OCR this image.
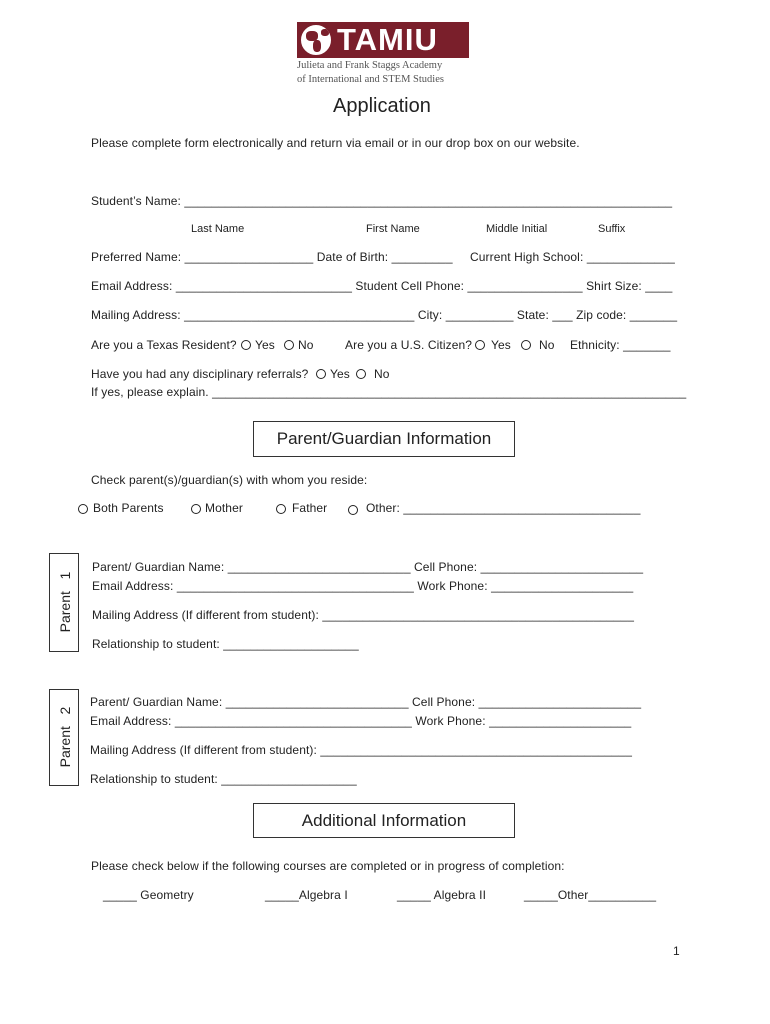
TAMIU
Julieta and Frank Staggs Academy
of International and STEM Studies
Application
Please complete form electronically and return via email or in our drop box on our website.
Student’s Name: ________________________________________________________________________
Last Name	First Name	Middle Initial	Suffix
Preferred Name: ___________________ Date of Birth: _________ Current High School: _____________
Email Address: __________________________ Student Cell Phone: _________________ Shirt Size: ____
Mailing Address: __________________________________ City: __________ State: ___ Zip code: _______
Are you a Texas Resident? Yes No	Are you a U.S. Citizen? Yes No Ethnicity: _______
Have you had any disciplinary referrals? Yes No
If yes, please explain. ______________________________________________________________________
Parent/Guardian Information
Check parent(s)/guardian(s) with whom you reside:
Both Parents	Mother	Father	Other: ___________________________________
Parent   1
Parent/ Guardian Name: ___________________________ Cell Phone: ________________________
Email Address: ___________________________________ Work Phone: _____________________
Mailing Address (If different from student): ______________________________________________
Relationship to student: ____________________
Parent   2
Parent/ Guardian Name: ___________________________ Cell Phone: ________________________
Email Address: ___________________________________ Work Phone: _____________________
Mailing Address (If different from student): ______________________________________________
Relationship to student: ____________________
Additional Information
Please check below if the following courses are completed or in progress of completion:
_____ Geometry	_____Algebra I	_____ Algebra II	_____Other__________
1
